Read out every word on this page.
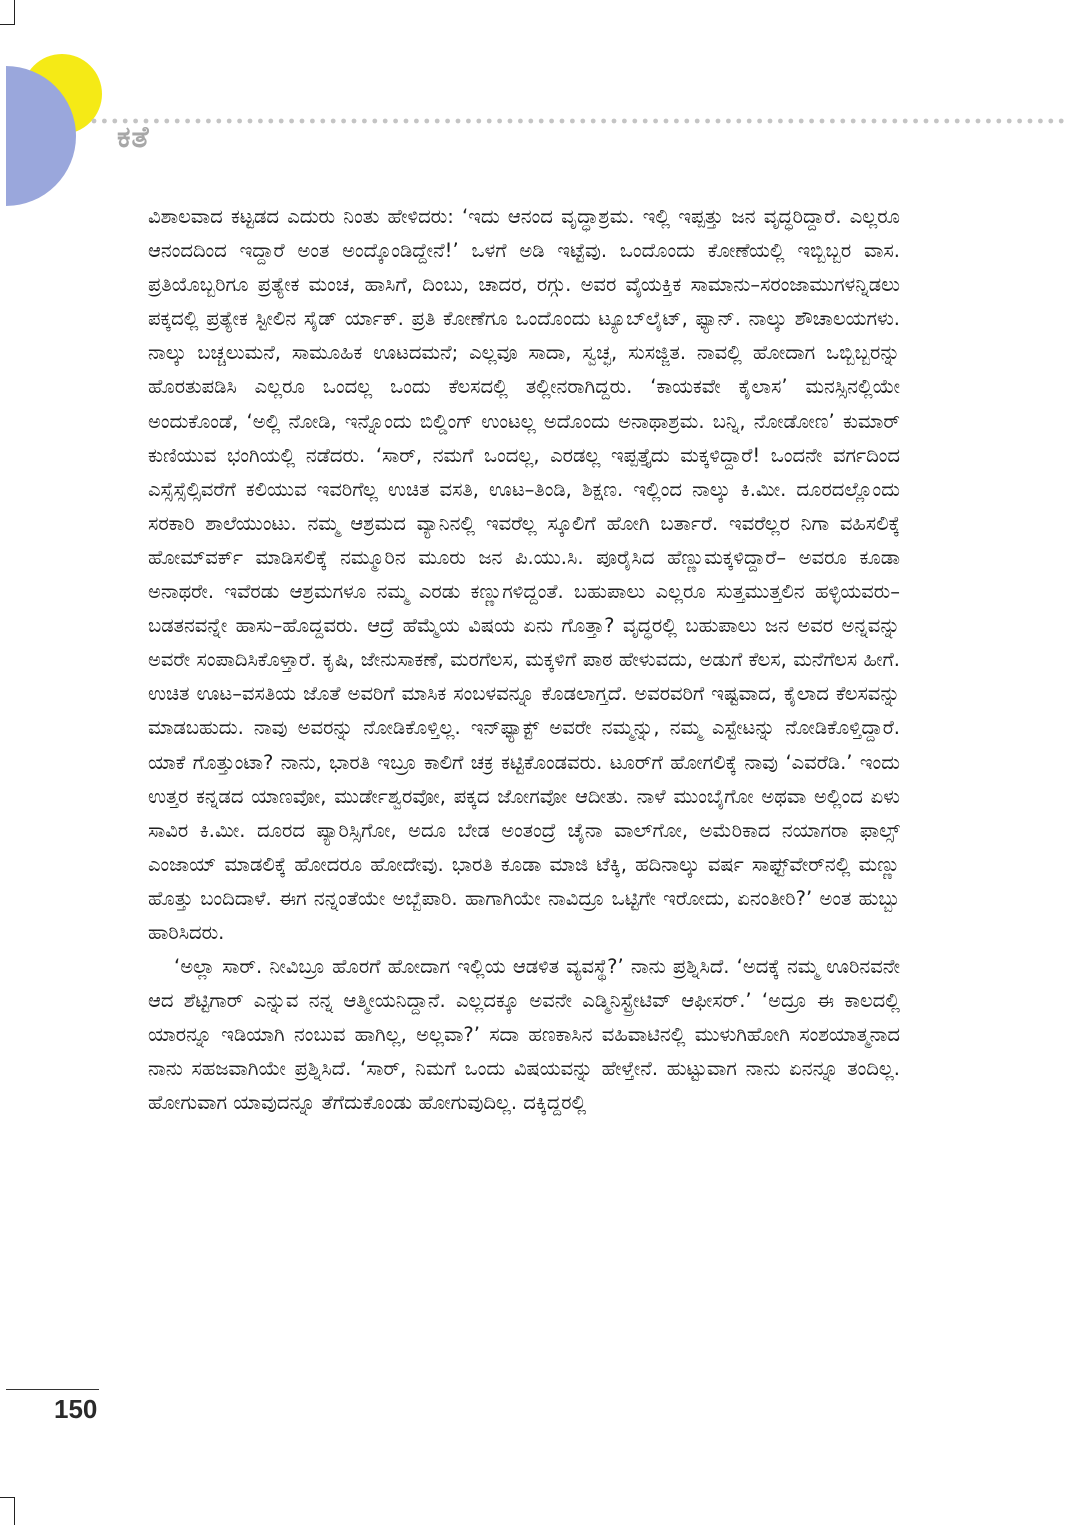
ಕತೆ

ವಿಶಾಲವಾದ ಕಟ್ಟಡದ ಎದುರು ನಿಂತು ಹೇಳಿದರು: ‘ಇದು ಆನಂದ ವೃದ್ಧಾಶ್ರಮ. ಇಲ್ಲಿ ಇಪ್ಪತ್ತು ಜನ ವೃದ್ಧರಿದ್ದಾರೆ. ಎಲ್ಲರೂ ಆನಂದದಿಂದ ಇದ್ದಾರೆ ಅಂತ ಅಂದ್ಕೊಂಡಿದ್ದೇನೆ!’ ಒಳಗೆ ಅಡಿ ಇಟ್ಟೆವು. ಒಂದೊಂದು ಕೋಣೆಯಲ್ಲಿ ಇಬ್ಬಿಬ್ಬರ ವಾಸ. ಪ್ರತಿಯೊಬ್ಬರಿಗೂ ಪ್ರತ್ಯೇಕ ಮಂಚ, ಹಾಸಿಗೆ, ದಿಂಬು, ಚಾದರ, ರಗ್ಗು. ಅವರ ವೈಯಕ್ತಿಕ ಸಾಮಾನು–ಸರಂಜಾಮುಗಳನ್ನಿಡಲು ಪಕ್ಕದಲ್ಲಿ ಪ್ರತ್ಯೇಕ ಸ್ಟೀಲಿನ ಸೈಡ್ ರ್ಯಾಕ್. ಪ್ರತಿ ಕೋಣೆಗೂ ಒಂದೊಂದು ಟ್ಯೂಬ್‌ಲೈಟ್, ಫ್ಯಾನ್. ನಾಲ್ಕು ಶೌಚಾಲಯಗಳು. ನಾಲ್ಕು ಬಚ್ಚಲುಮನೆ, ಸಾಮೂಹಿಕ ಊಟದಮನೆ; ಎಲ್ಲವೂ ಸಾದಾ, ಸ್ವಚ್ಛ, ಸುಸಜ್ಜಿತ. ನಾವಲ್ಲಿ ಹೋದಾಗ ಒಬ್ಬಿಬ್ಬರನ್ನು ಹೊರತುಪಡಿಸಿ ಎಲ್ಲರೂ ಒಂದಲ್ಲ ಒಂದು ಕೆಲಸದಲ್ಲಿ ತಲ್ಲೀನರಾಗಿದ್ದರು. ‘ಕಾಯಕವೇ ಕೈಲಾಸ’ ಮನಸ್ಸಿನಲ್ಲಿಯೇ ಅಂದುಕೊಂಡೆ, ‘ಅಲ್ಲಿ ನೋಡಿ, ಇನ್ನೊಂದು ಬಿಲ್ಡಿಂಗ್ ಉಂಟಲ್ಲ ಅದೊಂದು ಅನಾಥಾಶ್ರಮ. ಬನ್ನಿ, ನೋಡೋಣ’ ಕುಮಾರ್ ಕುಣಿಯುವ ಭಂಗಿಯಲ್ಲಿ ನಡೆದರು. ‘ಸಾರ್, ನಮಗೆ ಒಂದಲ್ಲ, ಎರಡಲ್ಲ ಇಪ್ಪತ್ತೈದು ಮಕ್ಕಳಿದ್ದಾರೆ! ಒಂದನೇ ವರ್ಗದಿಂದ ಎಸ್ಸೆಸ್ಸೆಲ್ಸಿವರೆಗೆ ಕಲಿಯುವ ಇವರಿಗೆಲ್ಲ ಉಚಿತ ವಸತಿ, ಊಟ–ತಿಂಡಿ, ಶಿಕ್ಷಣ. ಇಲ್ಲಿಂದ ನಾಲ್ಕು ಕಿ.ಮೀ. ದೂರದಲ್ಲೊಂದು ಸರಕಾರಿ ಶಾಲೆಯುಂಟು. ನಮ್ಮ ಆಶ್ರಮದ ವ್ಯಾನಿನಲ್ಲಿ ಇವರೆಲ್ಲ ಸ್ಕೂಲಿಗೆ ಹೋಗಿ ಬರ್ತಾರೆ. ಇವರೆಲ್ಲರ ನಿಗಾ ವಹಿಸಲಿಕ್ಕೆ ಹೋಮ್‌ವರ್ಕ್ ಮಾಡಿಸಲಿಕ್ಕೆ ನಮ್ಮೂರಿನ ಮೂರು ಜನ ಪಿ.ಯು.ಸಿ. ಪೂರೈಸಿದ ಹೆಣ್ಣುಮಕ್ಕಳಿದ್ದಾರೆ– ಅವರೂ ಕೂಡಾ ಅನಾಥರೇ. ಇವೆರಡು ಆಶ್ರಮಗಳೂ ನಮ್ಮ ಎರಡು ಕಣ್ಣುಗಳಿದ್ದಂತೆ. ಬಹುಪಾಲು ಎಲ್ಲರೂ ಸುತ್ತಮುತ್ತಲಿನ ಹಳ್ಳಿಯವರು– ಬಡತನವನ್ನೇ ಹಾಸು–ಹೊದ್ದವರು. ಆದ್ರೆ ಹೆಮ್ಮೆಯ ವಿಷಯ ಏನು ಗೊತ್ತಾ? ವೃದ್ಧರಲ್ಲಿ ಬಹುಪಾಲು ಜನ ಅವರ ಅನ್ನವನ್ನು ಅವರೇ ಸಂಪಾದಿಸಿಕೊಳ್ತಾರೆ. ಕೃಷಿ, ಜೇನುಸಾಕಣೆ, ಮರಗೆಲಸ, ಮಕ್ಕಳಿಗೆ ಪಾಠ ಹೇಳುವದು, ಅಡುಗೆ ಕೆಲಸ, ಮನೆಗೆಲಸ ಹೀಗೆ. ಉಚಿತ ಊಟ–ವಸತಿಯ ಜೊತೆ ಅವರಿಗೆ ಮಾಸಿಕ ಸಂಬಳವನ್ನೂ ಕೊಡಲಾಗ್ತದೆ. ಅವರವರಿಗೆ ಇಷ್ಟವಾದ, ಕೈಲಾದ ಕೆಲಸವನ್ನು ಮಾಡಬಹುದು. ನಾವು ಅವರನ್ನು ನೋಡಿಕೊಳ್ತಿಲ್ಲ. ಇನ್‌ಫ್ಯಾಕ್ಟ್ ಅವರೇ ನಮ್ಮನ್ನು, ನಮ್ಮ ಎಸ್ಟೇಟನ್ನು ನೋಡಿಕೊಳ್ತಿದ್ದಾರೆ. ಯಾಕೆ ಗೊತ್ತುಂಟಾ? ನಾನು, ಭಾರತಿ ಇಬ್ರೂ ಕಾಲಿಗೆ ಚಕ್ರ ಕಟ್ಟಿಕೊಂಡವರು. ಟೂರ್‌ಗೆ ಹೋಗಲಿಕ್ಕೆ ನಾವು ‘ಎವರೆಡಿ.’ ಇಂದು ಉತ್ತರ ಕನ್ನಡದ ಯಾಣವೋ, ಮುರ್ಡೇಶ್ವರವೋ, ಪಕ್ಕದ ಜೋಗವೋ ಆದೀತು. ನಾಳೆ ಮುಂಬೈಗೋ ಅಥವಾ ಅಲ್ಲಿಂದ ಏಳು ಸಾವಿರ ಕಿ.ಮೀ. ದೂರದ ಪ್ಯಾರಿಸ್ಸಿಗೋ, ಅದೂ ಬೇಡ ಅಂತಂದ್ರೆ ಚೈನಾ ವಾಲ್‌ಗೋ, ಅಮೆರಿಕಾದ ನಯಾಗರಾ ಫಾಲ್ಸ್ ಎಂಜಾಯ್ ಮಾಡಲಿಕ್ಕೆ ಹೋದರೂ ಹೋದೇವು. ಭಾರತಿ ಕೂಡಾ ಮಾಜಿ ಟೆಕ್ಕಿ, ಹದಿನಾಲ್ಕು ವರ್ಷ ಸಾಫ್ಟ್‌ವೇರ್‌ನಲ್ಲಿ ಮಣ್ಣು ಹೊತ್ತು ಬಂದಿದಾಳೆ. ಈಗ ನನ್ನಂತೆಯೇ ಅಬ್ಬೆಪಾರಿ. ಹಾಗಾಗಿಯೇ ನಾವಿದ್ರೂ ಒಟ್ಟಿಗೇ ಇರೋದು, ಏನಂತೀರಿ?’ ಅಂತ ಹುಬ್ಬು ಹಾರಿಸಿದರು.

‘ಅಲ್ಲಾ ಸಾರ್. ನೀವಿಬ್ರೂ ಹೊರಗೆ ಹೋದಾಗ ಇಲ್ಲಿಯ ಆಡಳಿತ ವ್ಯವಸ್ಥೆ?’ ನಾನು ಪ್ರಶ್ನಿಸಿದೆ. ‘ಅದಕ್ಕೆ ನಮ್ಮ ಊರಿನವನೇ ಆದ ಶೆಟ್ಟಿಗಾರ್ ಎನ್ನುವ ನನ್ನ ಆತ್ಮೀಯನಿದ್ದಾನೆ. ಎಲ್ಲದಕ್ಕೂ ಅವನೇ ಎಡ್ಮಿನಿಸ್ಟ್ರೇಟಿವ್ ಆಫೀಸರ್.’ ‘ಅದ್ರೂ ಈ ಕಾಲದಲ್ಲಿ ಯಾರನ್ನೂ ಇಡಿಯಾಗಿ ನಂಬುವ ಹಾಗಿಲ್ಲ, ಅಲ್ಲವಾ?’ ಸದಾ ಹಣಕಾಸಿನ ವಹಿವಾಟಿನಲ್ಲಿ ಮುಳುಗಿಹೋಗಿ ಸಂಶಯಾತ್ಮನಾದ ನಾನು ಸಹಜವಾಗಿಯೇ ಪ್ರಶ್ನಿಸಿದೆ. ‘ಸಾರ್, ನಿಮಗೆ ಒಂದು ವಿಷಯವನ್ನು ಹೇಳ್ತೇನೆ. ಹುಟ್ಟುವಾಗ ನಾನು ಏನನ್ನೂ ತಂದಿಲ್ಲ. ಹೋಗುವಾಗ ಯಾವುದನ್ನೂ ತೆಗೆದುಕೊಂಡು ಹೋಗುವುದಿಲ್ಲ. ದಕ್ಕಿದ್ದರಲ್ಲಿ

150
